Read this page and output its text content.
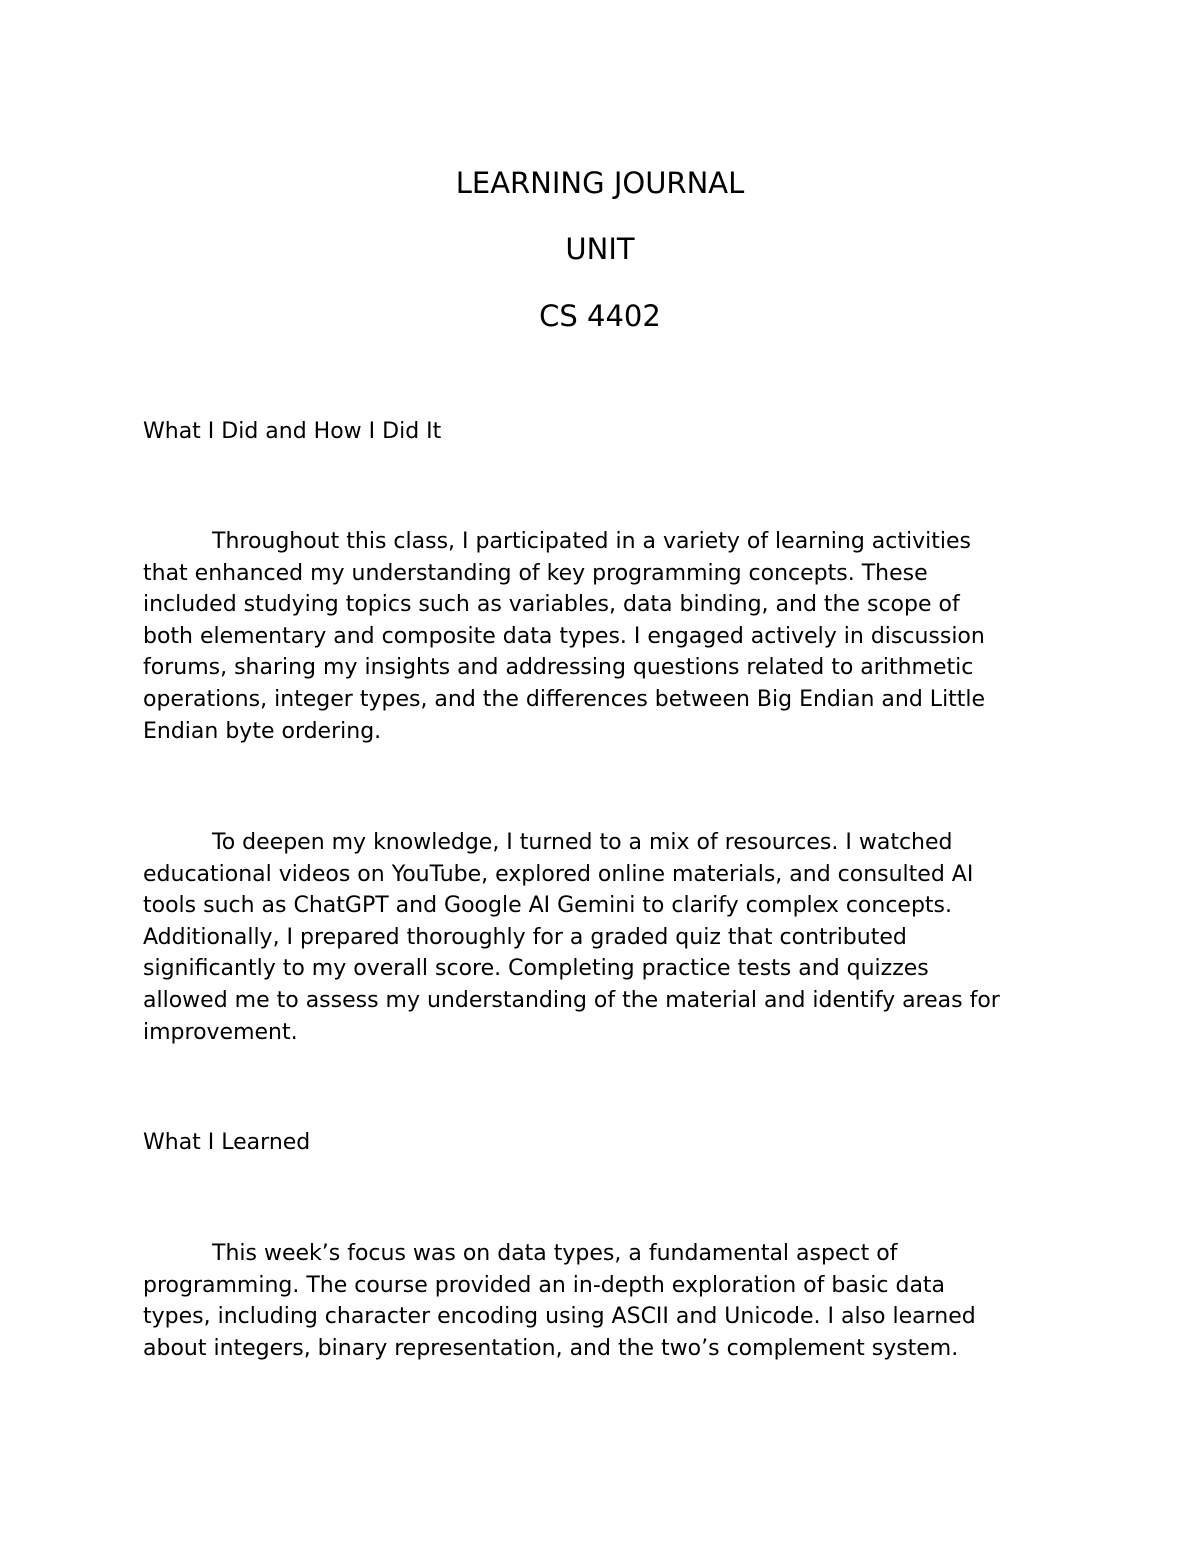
LEARNING JOURNAL
UNIT
CS 4402
What I Did and How I Did It
Throughout this class, I participated in a variety of learning activities
that enhanced my understanding of key programming concepts. These
included studying topics such as variables, data binding, and the scope of
both elementary and composite data types. I engaged actively in discussion
forums, sharing my insights and addressing questions related to arithmetic
operations, integer types, and the differences between Big Endian and Little
Endian byte ordering.
To deepen my knowledge, I turned to a mix of resources. I watched
educational videos on YouTube, explored online materials, and consulted AI
tools such as ChatGPT and Google AI Gemini to clarify complex concepts.
Additionally, I prepared thoroughly for a graded quiz that contributed
significantly to my overall score. Completing practice tests and quizzes
allowed me to assess my understanding of the material and identify areas for
improvement.
What I Learned
This week’s focus was on data types, a fundamental aspect of
programming. The course provided an in-depth exploration of basic data
types, including character encoding using ASCII and Unicode. I also learned
about integers, binary representation, and the two’s complement system.
